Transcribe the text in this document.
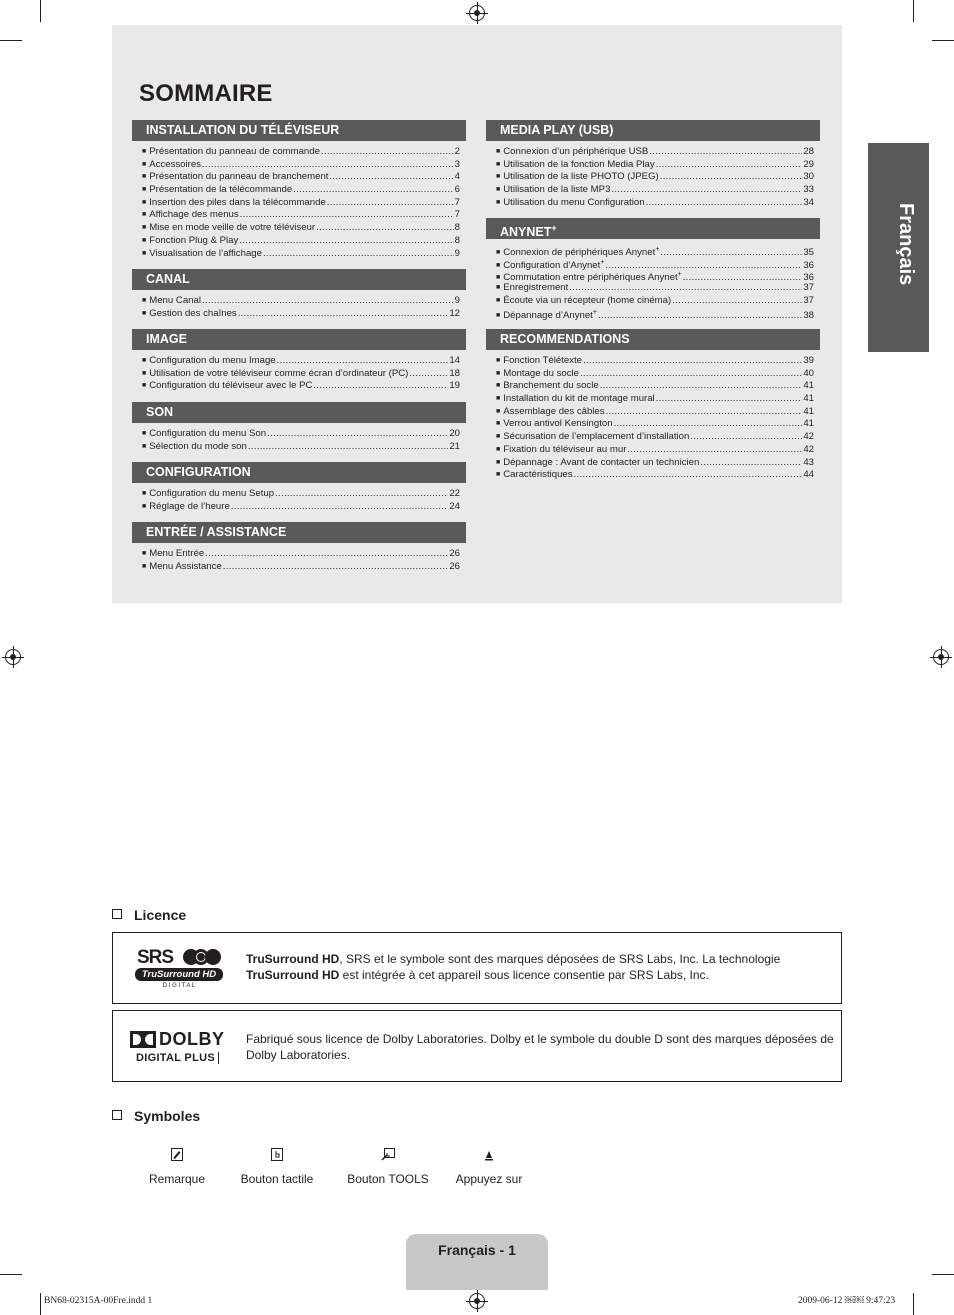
SOMMAIRE
INSTALLATION DU TÉLÉVISEUR
■ Présentation du panneau de commande .....	2
■ Accessoires .....	3
■ Présentation du panneau de branchement .....	4
■ Présentation de la télécommande .....	6
■ Insertion des piles dans la télécommande .....	7
■ Affichage des menus .....	7
■ Mise en mode veille de votre téléviseur .....	8
■ Fonction Plug & Play .....	8
■ Visualisation de l’affichage .....	9
CANAL
■ Menu Canal .....	9
■ Gestion des chaînes .....	12
IMAGE
■ Configuration du menu Image .....	14
■ Utilisation de votre téléviseur comme écran d’ordinateur (PC) .....	18
■ Configuration du téléviseur avec le PC .....	19
SON
■ Configuration du menu Son .....	20
■ Sélection du mode son .....	21
CONFIGURATION
■ Configuration du menu Setup .....	22
■ Réglage de l’heure .....	24
ENTRÉE / ASSISTANCE
■ Menu Entrée .....	26
■ Menu Assistance .....	26
MEDIA PLAY (USB)
■ Connexion d’un périphérique USB .....	28
■ Utilisation de la fonction Media Play .....	29
■ Utilisation de la liste PHOTO (JPEG) .....	30
■ Utilisation de la liste MP3 .....	33
■ Utilisation du menu Configuration .....	34
ANYNET+
■ Connexion de périphériques Anynet+ .....	35
■ Configuration d’Anynet+ .....	36
■ Commutation entre périphériques Anynet+ .....	36
■ Enregistrement .....	37
■ Écoute via un récepteur (home cinéma) .....	37
■ Dépannage d’Anynet+ .....	38
RECOMMENDATIONS
■ Fonction Télétexte .....	39
■ Montage du socle .....	40
■ Branchement du socle .....	41
■ Installation du kit de montage mural .....	41
■ Assemblage des câbles .....	41
■ Verrou antivol Kensington .....	41
■ Sécurisation de l’emplacement d’installation .....	42
■ Fixation du téléviseur au mur .....	42
■ Dépannage : Avant de contacter un technicien .....	43
■ Caractéristiques .....	44
Français
Licence
SRS
TruSurround HD
D I G I T A L
TruSurround HD, SRS et le symbole sont des marques déposées de SRS Labs, Inc. La technologie
TruSurround HD est intégrée à cet appareil sous licence consentie par SRS Labs, Inc.
DOLBY
DIGITAL PLUS
Fabriqué sous licence de Dolby Laboratories. Dolby et le symbole du double D sont des marques déposées de Dolby Laboratories.
Symboles
Remarque	Bouton tactile	Bouton TOOLS	Appuyez sur
Français - 1
BN68-02315A-00Fre.indd 1	2009-06-12 ￼￼ 9:47:23
